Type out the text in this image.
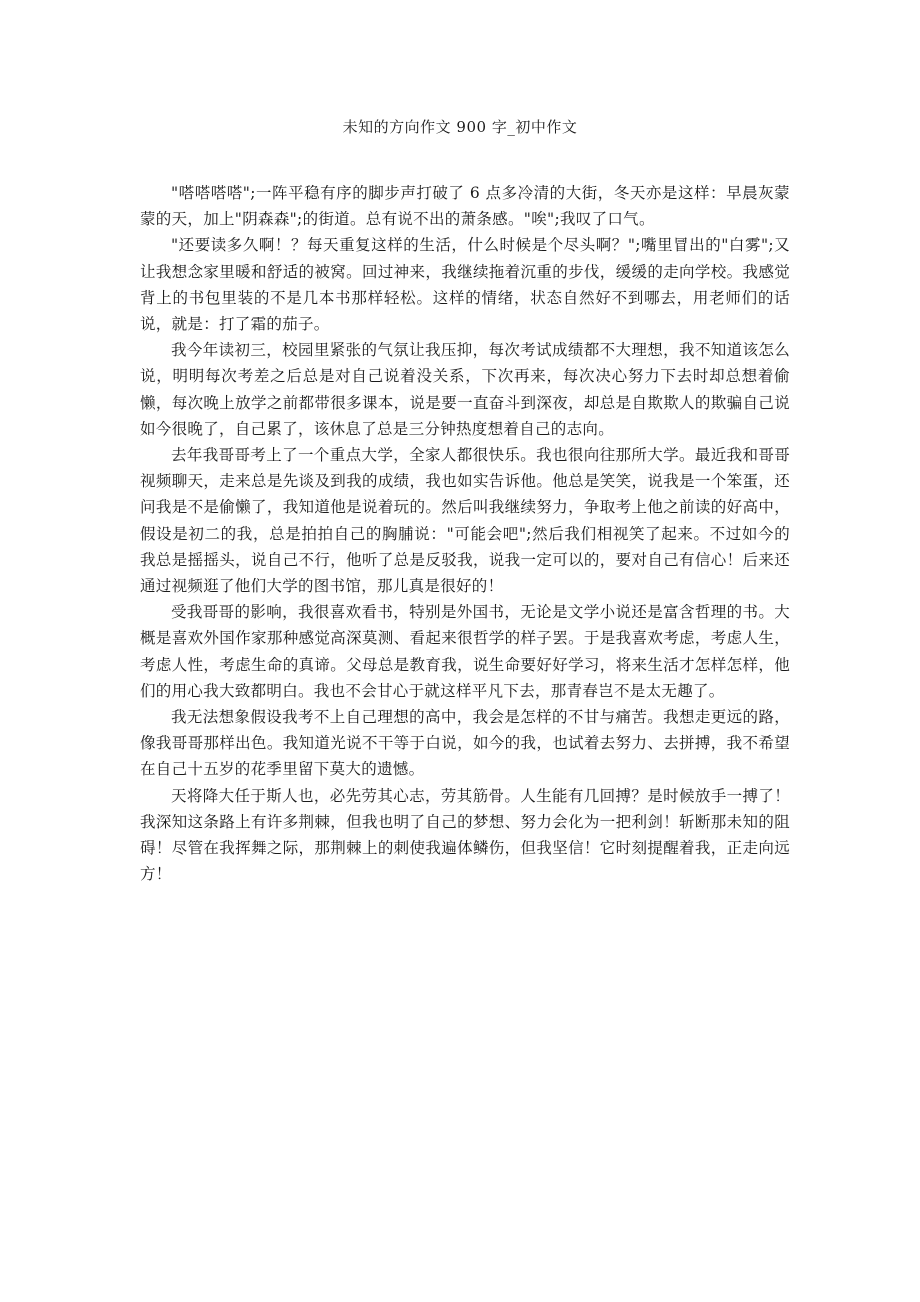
未知的方向作文 900 字_初中作文

"嗒嗒嗒嗒";一阵平稳有序的脚步声打破了 6 点多冷清的大街，冬天亦是这样：早晨灰蒙蒙的天，加上"阴森森";的街道。总有说不出的萧条感。"唉";我叹了口气。

"还要读多久啊！？每天重复这样的生活，什么时候是个尽头啊？";嘴里冒出的"白雾";又让我想念家里暖和舒适的被窝。回过神来，我继续拖着沉重的步伐，缓缓的走向学校。我感觉背上的书包里装的不是几本书那样轻松。这样的情绪，状态自然好不到哪去，用老师们的话说，就是：打了霜的茄子。

我今年读初三，校园里紧张的气氛让我压抑，每次考试成绩都不大理想，我不知道该怎么说，明明每次考差之后总是对自己说着没关系，下次再来，每次决心努力下去时却总想着偷懒，每次晚上放学之前都带很多课本，说是要一直奋斗到深夜，却总是自欺欺人的欺骗自己说如今很晚了，自己累了，该休息了总是三分钟热度想着自己的志向。

去年我哥哥考上了一个重点大学，全家人都很快乐。我也很向往那所大学。最近我和哥哥视频聊天，走来总是先谈及到我的成绩，我也如实告诉他。他总是笑笑，说我是一个笨蛋，还问我是不是偷懒了，我知道他是说着玩的。然后叫我继续努力，争取考上他之前读的好高中，假设是初二的我，总是拍拍自己的胸脯说："可能会吧";然后我们相视笑了起来。不过如今的我总是摇摇头，说自己不行，他听了总是反驳我，说我一定可以的，要对自己有信心！后来还通过视频逛了他们大学的图书馆，那儿真是很好的！

受我哥哥的影响，我很喜欢看书，特别是外国书，无论是文学小说还是富含哲理的书。大概是喜欢外国作家那种感觉高深莫测、看起来很哲学的样子罢。于是我喜欢考虑，考虑人生，考虑人性，考虑生命的真谛。父母总是教育我，说生命要好好学习，将来生活才怎样怎样，他们的用心我大致都明白。我也不会甘心于就这样平凡下去，那青春岂不是太无趣了。

我无法想象假设我考不上自己理想的高中，我会是怎样的不甘与痛苦。我想走更远的路，像我哥哥那样出色。我知道光说不干等于白说，如今的我，也试着去努力、去拼搏，我不希望在自己十五岁的花季里留下莫大的遗憾。

天将降大任于斯人也，必先劳其心志，劳其筋骨。人生能有几回搏？是时候放手一搏了！我深知这条路上有许多荆棘，但我也明了自己的梦想、努力会化为一把利剑！斩断那未知的阻碍！尽管在我挥舞之际，那荆棘上的刺使我遍体鳞伤，但我坚信！它时刻提醒着我，正走向远方！
